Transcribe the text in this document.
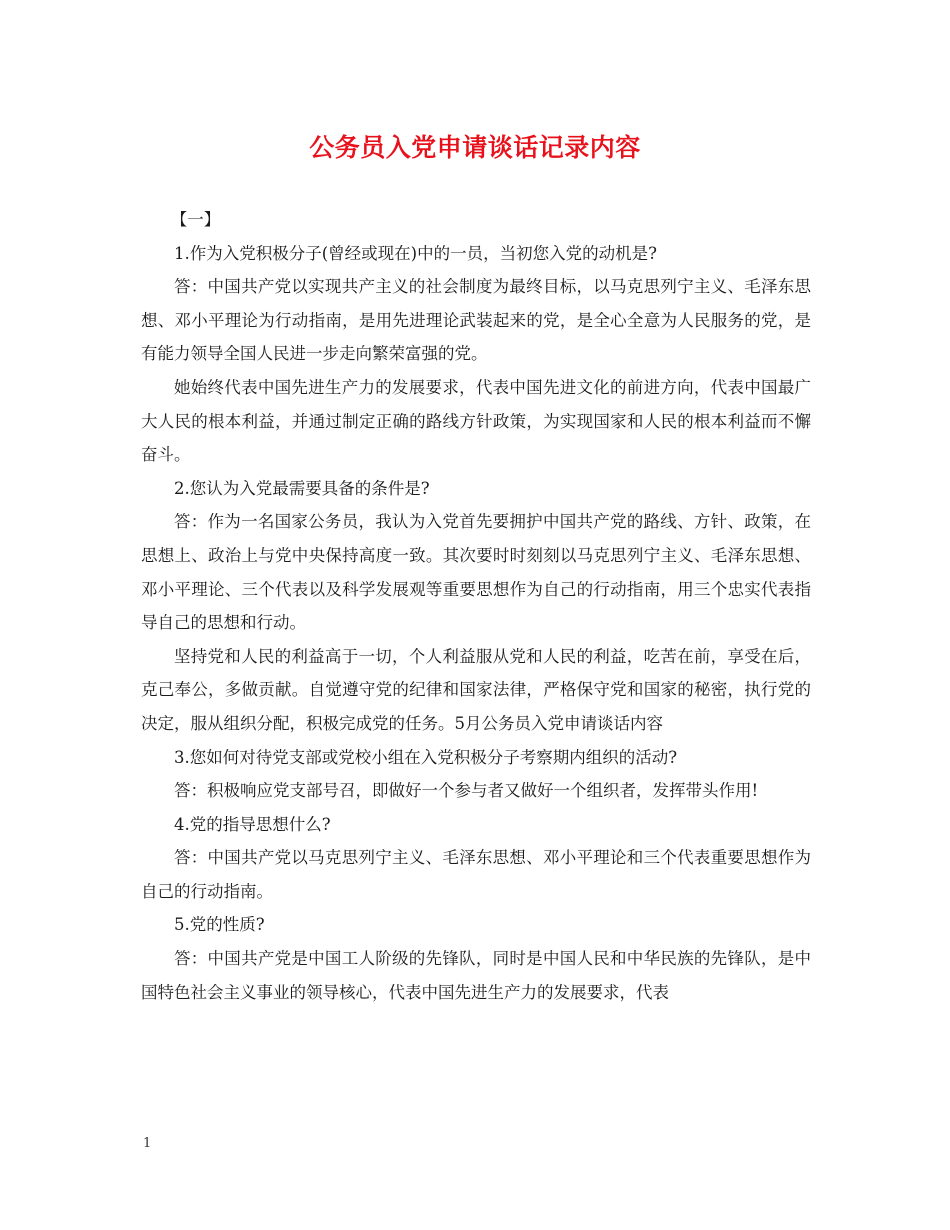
公务员入党申请谈话记录内容

【一】

1.作为入党积极分子(曾经或现在)中的一员，当初您入党的动机是?

答：中国共产党以实现共产主义的社会制度为最终目标，以马克思列宁主义、毛泽东思想、邓小平理论为行动指南，是用先进理论武装起来的党，是全心全意为人民服务的党，是有能力领导全国人民进一步走向繁荣富强的党。

她始终代表中国先进生产力的发展要求，代表中国先进文化的前进方向，代表中国最广大人民的根本利益，并通过制定正确的路线方针政策，为实现国家和人民的根本利益而不懈奋斗。

2.您认为入党最需要具备的条件是?

答：作为一名国家公务员，我认为入党首先要拥护中国共产党的路线、方针、政策，在思想上、政治上与党中央保持高度一致。其次要时时刻刻以马克思列宁主义、毛泽东思想、邓小平理论、三个代表以及科学发展观等重要思想作为自己的行动指南，用三个忠实代表指导自己的思想和行动。

坚持党和人民的利益高于一切，个人利益服从党和人民的利益，吃苦在前，享受在后，克己奉公，多做贡献。自觉遵守党的纪律和国家法律，严格保守党和国家的秘密，执行党的决定，服从组织分配，积极完成党的任务。5月公务员入党申请谈话内容

3.您如何对待党支部或党校小组在入党积极分子考察期内组织的活动?

答：积极响应党支部号召，即做好一个参与者又做好一个组织者，发挥带头作用!

4.党的指导思想什么?

答：中国共产党以马克思列宁主义、毛泽东思想、邓小平理论和三个代表重要思想作为自己的行动指南。

5.党的性质?

答：中国共产党是中国工人阶级的先锋队，同时是中国人民和中华民族的先锋队，是中国特色社会主义事业的领导核心，代表中国先进生产力的发展要求，代表

1
